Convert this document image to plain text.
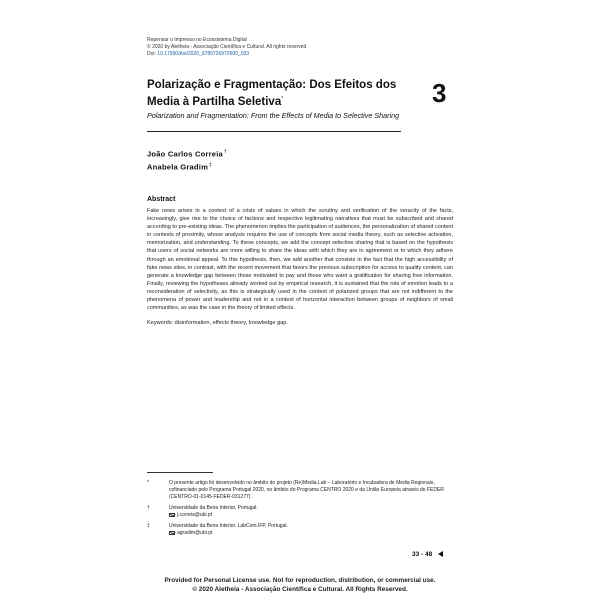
Repensar o Impresso no Ecossistema Digital
© 2020 by Aletheia - Associação Científica e Cultural. All rights reserved
Doi: 10.17990/Axi/2020_9789726972600_033
Polarização e Fragmentação: Dos Efeitos dos Media à Partilha Seletiva*
Polarization and Fragmentation: From the Effects of Media to Selective Sharing
3
João Carlos Correia†
Anabela Gradim‡
Abstract

Fake news arises in a context of a crisis of values in which the scrutiny and verification of the veracity of the facts, increasingly, give rise to the choice of factions and respective legitimating narratives that must be subscribed and shared according to pre-existing ideas. The phenomenon implies the participation of audiences, the personalization of shared content in contexts of proximity, whose analysis requires the use of concepts from social media theory, such as selective activation, memorization, and understanding. To these concepts, we add the concept selective sharing that is based on the hypothesis that users of social networks are more willing to share the ideas with which they are in agreement or to which they adhere through an emotional appeal. To this hypothesis, then, we add another that consists in the fact that the high accessibility of fake news sites, in contrast, with the recent movement that favors the previous subscription for access to quality content, can generate a knowledge gap between those motivated to pay and those who want a gratification for sharing free information. Finally, reviewing the hypotheses already worked out by empirical research, it is sustained that the role of emotion leads to a reconsideration of selectivity, as this is strategically used in the context of polarized groups that are not indifferent to the phenomena of power and leadership and not in a context of horizontal interaction between groups of neighbors of small communities, as was the case in the theory of limited effects.

Keywords: disinformation, effects theory, knowledge gap.
*	O presente artigo foi desenvolvido no âmbito do projeto (Re)Media.Lab – Laboratório e Incubadora de Media Regionais, cofinanciado pelo Programa Portugal 2020, no âmbito do Programa CENTRO 2020 e da União Europeia através do FEDER (CENTRO-01-0145-FEDER-031277).
†	Universidade da Beira Interior, Portugal.
j.correia@ubi.pt
‡	Universidade da Beira Interior. LabCom.IFP, Portugal.
agradim@ubi.pt
33 - 48
Provided for Personal License use. Not for reproduction, distribution, or commercial use.
© 2020 Aletheia - Associação Científica e Cultural. All Rights Reserved.
